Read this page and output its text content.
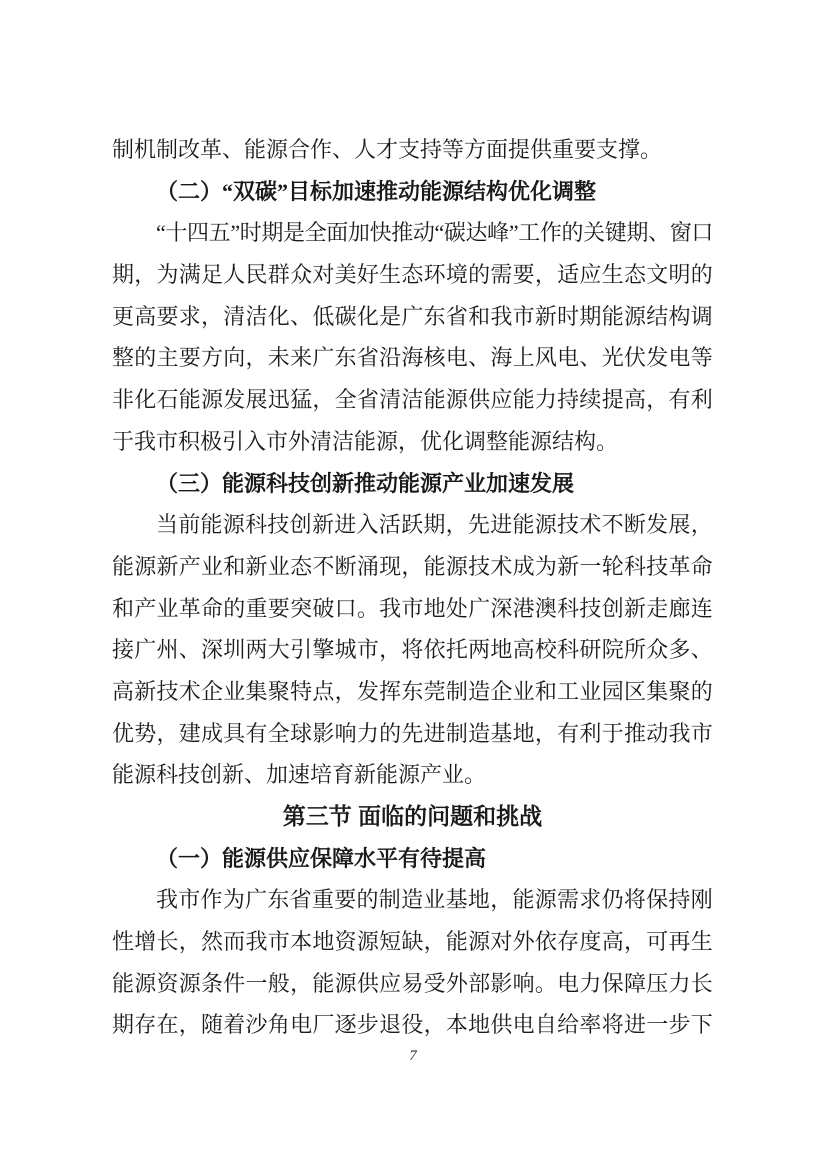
制机制改革、能源合作、人才支持等方面提供重要支撑。
（二）“双碳”目标加速推动能源结构优化调整
“十四五”时期是全面加快推动“碳达峰”工作的关键期、窗口
期，为满足人民群众对美好生态环境的需要，适应生态文明的
更高要求，清洁化、低碳化是广东省和我市新时期能源结构调
整的主要方向，未来广东省沿海核电、海上风电、光伏发电等
非化石能源发展迅猛，全省清洁能源供应能力持续提高，有利
于我市积极引入市外清洁能源，优化调整能源结构。
（三）能源科技创新推动能源产业加速发展
当前能源科技创新进入活跃期，先进能源技术不断发展，
能源新产业和新业态不断涌现，能源技术成为新一轮科技革命
和产业革命的重要突破口。我市地处广深港澳科技创新走廊连
接广州、深圳两大引擎城市，将依托两地高校科研院所众多、
高新技术企业集聚特点，发挥东莞制造企业和工业园区集聚的
优势，建成具有全球影响力的先进制造基地，有利于推动我市
能源科技创新、加速培育新能源产业。
第三节 面临的问题和挑战
（一）能源供应保障水平有待提高
我市作为广东省重要的制造业基地，能源需求仍将保持刚
性增长，然而我市本地资源短缺，能源对外依存度高，可再生
能源资源条件一般，能源供应易受外部影响。电力保障压力长
期存在，随着沙角电厂逐步退役，本地供电自给率将进一步下
7
